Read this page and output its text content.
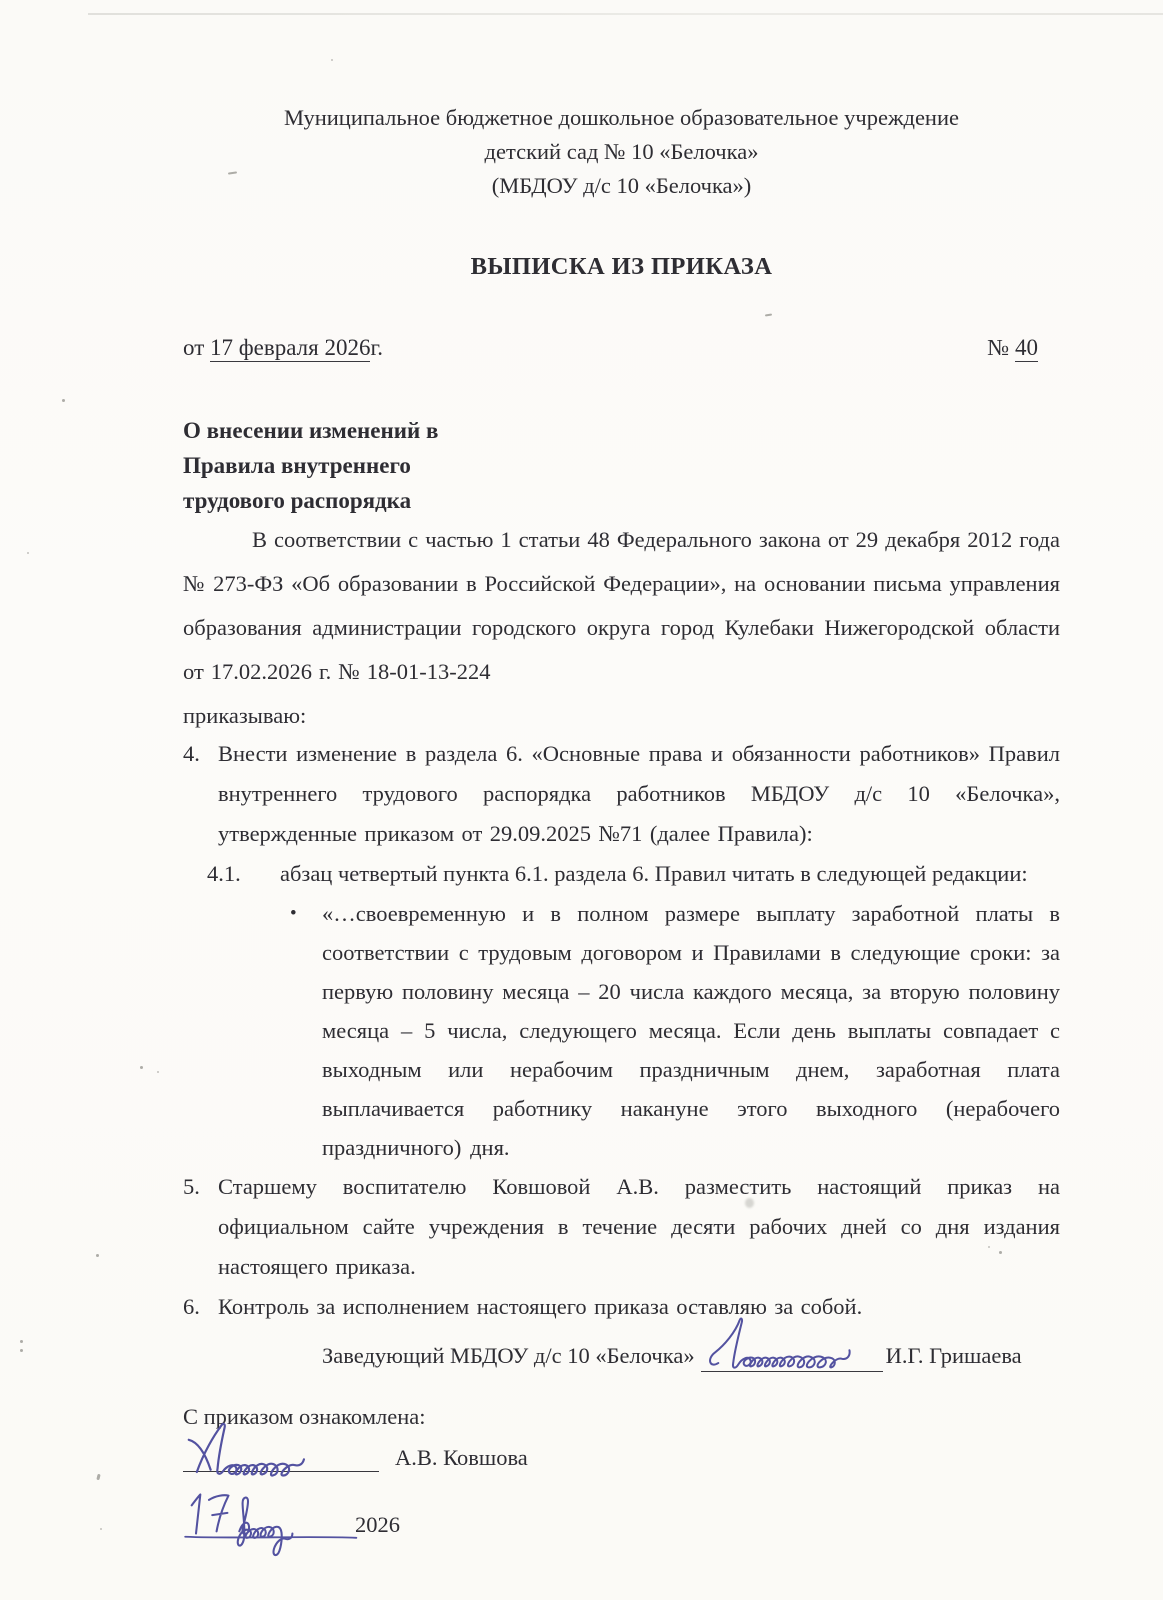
Муниципальное бюджетное дошкольное образовательное учреждение
детский сад № 10 «Белочка»
(МБДОУ д/с 10 «Белочка»)
ВЫПИСКА ИЗ ПРИКАЗА
от 17 февраля 2026г.	№ 40
О внесении изменений в
Правила внутреннего
трудового распорядка

В соответствии с частью 1 статьи 48 Федерального закона от 29 декабря 2012 года № 273-ФЗ «Об образовании в Российской Федерации», на основании письма управления образования администрации городского округа город Кулебаки Нижегородской области от 17.02.2026 г. № 18-01-13-224

приказываю:

4. Внести изменение в раздела 6. «Основные права и обязанности работников» Правил внутреннего трудового распорядка работников МБДОУ д/с 10 «Белочка», утвержденные приказом от 29.09.2025 №71 (далее Правила):
4.1.	абзац четвертый пункта 6.1. раздела 6. Правил читать в следующей редакции:
•	«…своевременную и в полном размере выплату заработной платы в соответствии с трудовым договором и Правилами в следующие сроки: за первую половину месяца – 20 числа каждого месяца, за вторую половину месяца – 5 числа, следующего месяца. Если день выплаты совпадает с выходным или нерабочим праздничным днем, заработная плата выплачивается работнику накануне этого выходного (нерабочего праздничного) дня.
5. Старшему воспитателю Ковшовой А.В. разместить настоящий приказ на официальном сайте учреждения в течение десяти рабочих дней со дня издания настоящего приказа.
6. Контроль за исполнением настоящего приказа оставляю за собой.
Заведующий МБДОУ д/с 10 «Белочка»	И.Г. Гришаева
С приказом ознакомлена:
А.В. Ковшова
2026
